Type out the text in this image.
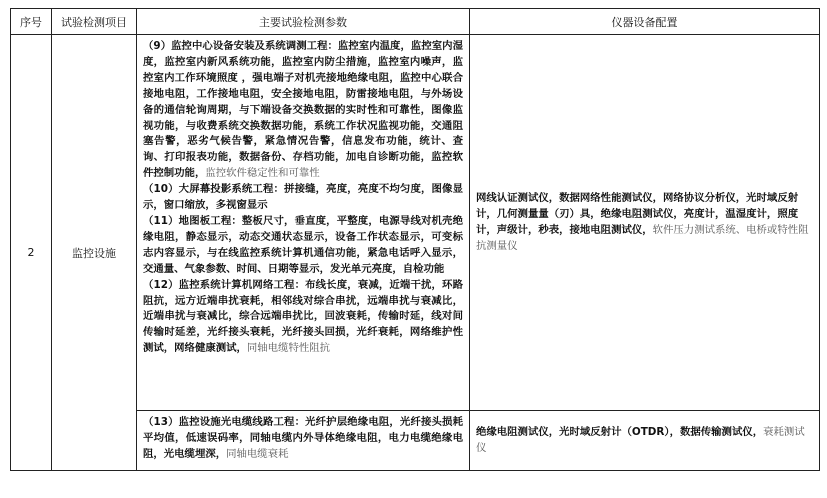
序号	试验检测项目	主要试验检测参数	仪器设备配置
2	监控设施	（9）监控中心设备安装及系统调测工程：监控室内温度，监控室内湿度，监控室内新风系统功能，监控室内防尘措施，监控室内噪声，监控室内工作环境照度 ，强电端子对机壳接地绝缘电阻，监控中心联合接地电阻，工作接地电阻，安全接地电阻，防雷接地电阻，与外场设备的通信轮询周期，与下端设备交换数据的实时性和可靠性，图像监视功能，与收费系统交换数据功能，系统工作状况监视功能，交通阻塞告警，恶劣气候告警，紧急情况告警，信息发布功能，统计、查询、打印报表功能，数据备份、存档功能，加电自诊断功能，监控软件控制功能，监控软件稳定性和可靠性
（10）大屏幕投影系统工程：拼接缝，亮度，亮度不均匀度，图像显示，窗口缩放，多视窗显示
（11）地图板工程：整板尺寸，垂直度，平整度，电源导线对机壳绝缘电阻，静态显示，动态交通状态显示，设备工作状态显示，可变标志内容显示，与在线监控系统计算机通信功能，紧急电话呼入显示，交通量、气象参数、时间、日期等显示，发光单元亮度，自检功能
（12）监控系统计算机网络工程：布线长度，衰减，近端干扰，环路阻抗，远方近端串扰衰耗，相邻线对综合串扰，远端串扰与衰减比，近端串扰与衰减比，综合远端串扰比，回波衰耗，传输时延，线对间传输时延差，光纤接头衰耗，光纤接头回损，光纤衰耗，网络维护性测试，网络健康测试，同轴电缆特性阻抗	网线认证测试仪，数据网络性能测试仪，网络协议分析仪，光时域反射计，几何测量量（刃）具，绝缘电阻测试仪，亮度计，温湿度计，照度计，声级计，秒表，接地电阻测试仪，软件压力测试系统、电桥或特性阻抗测量仪

		（13）监控设施光电缆线路工程：光纤护层绝缘电阻，光纤接头损耗平均值，低速误码率，同轴电缆内外导体绝缘电阻，电力电缆绝缘电阻，光电缆埋深，同轴电缆衰耗	绝缘电阻测试仪，光时域反射计（OTDR），数据传输测试仪，衰耗测试仪
